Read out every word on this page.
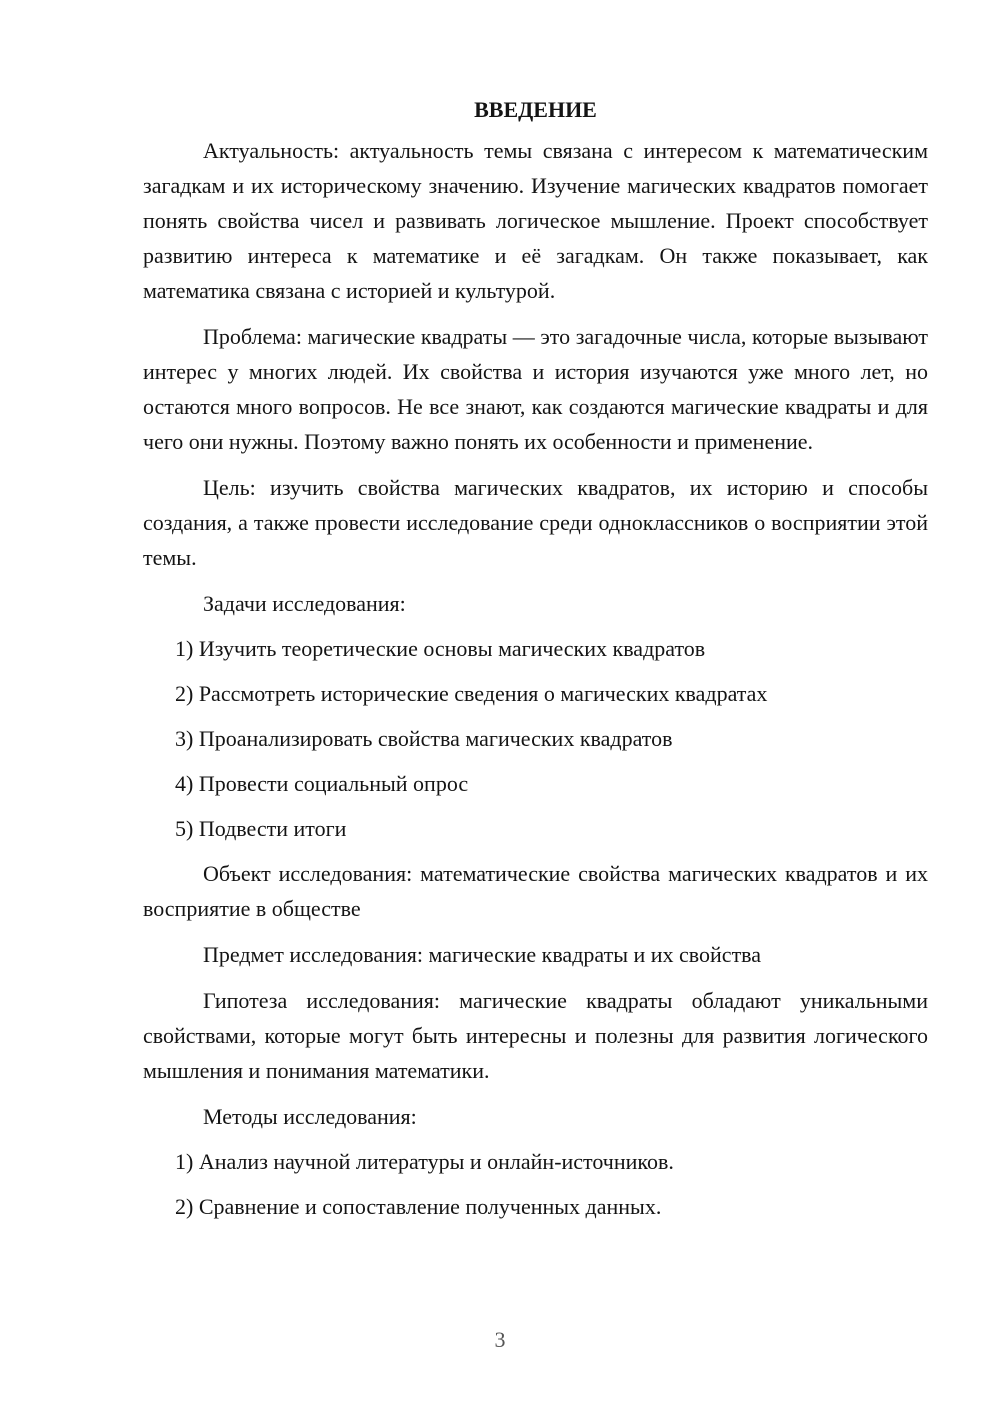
ВВЕДЕНИЕ

Актуальность: актуальность темы связана с интересом к математическим загадкам и их историческому значению. Изучение магических квадратов помогает понять свойства чисел и развивать логическое мышление. Проект способствует развитию интереса к математике и её загадкам. Он также показывает, как математика связана с историей и культурой.

Проблема: магические квадраты — это загадочные числа, которые вызывают интерес у многих людей. Их свойства и история изучаются уже много лет, но остаются много вопросов. Не все знают, как создаются магические квадраты и для чего они нужны. Поэтому важно понять их особенности и применение.

Цель: изучить свойства магических квадратов, их историю и способы создания, а также провести исследование среди одноклассников о восприятии этой темы.

Задачи исследования:

1) Изучить теоретические основы магических квадратов

2) Рассмотреть исторические сведения о магических квадратах

3) Проанализировать свойства магических квадратов

4) Провести социальный опрос

5) Подвести итоги

Объект исследования: математические свойства магических квадратов и их восприятие в обществе

Предмет исследования: магические квадраты и их свойства

Гипотеза исследования: магические квадраты обладают уникальными свойствами, которые могут быть интересны и полезны для развития логического мышления и понимания математики.

Методы исследования:

1) Анализ научной литературы и онлайн-источников.

2) Сравнение и сопоставление полученных данных.

3
